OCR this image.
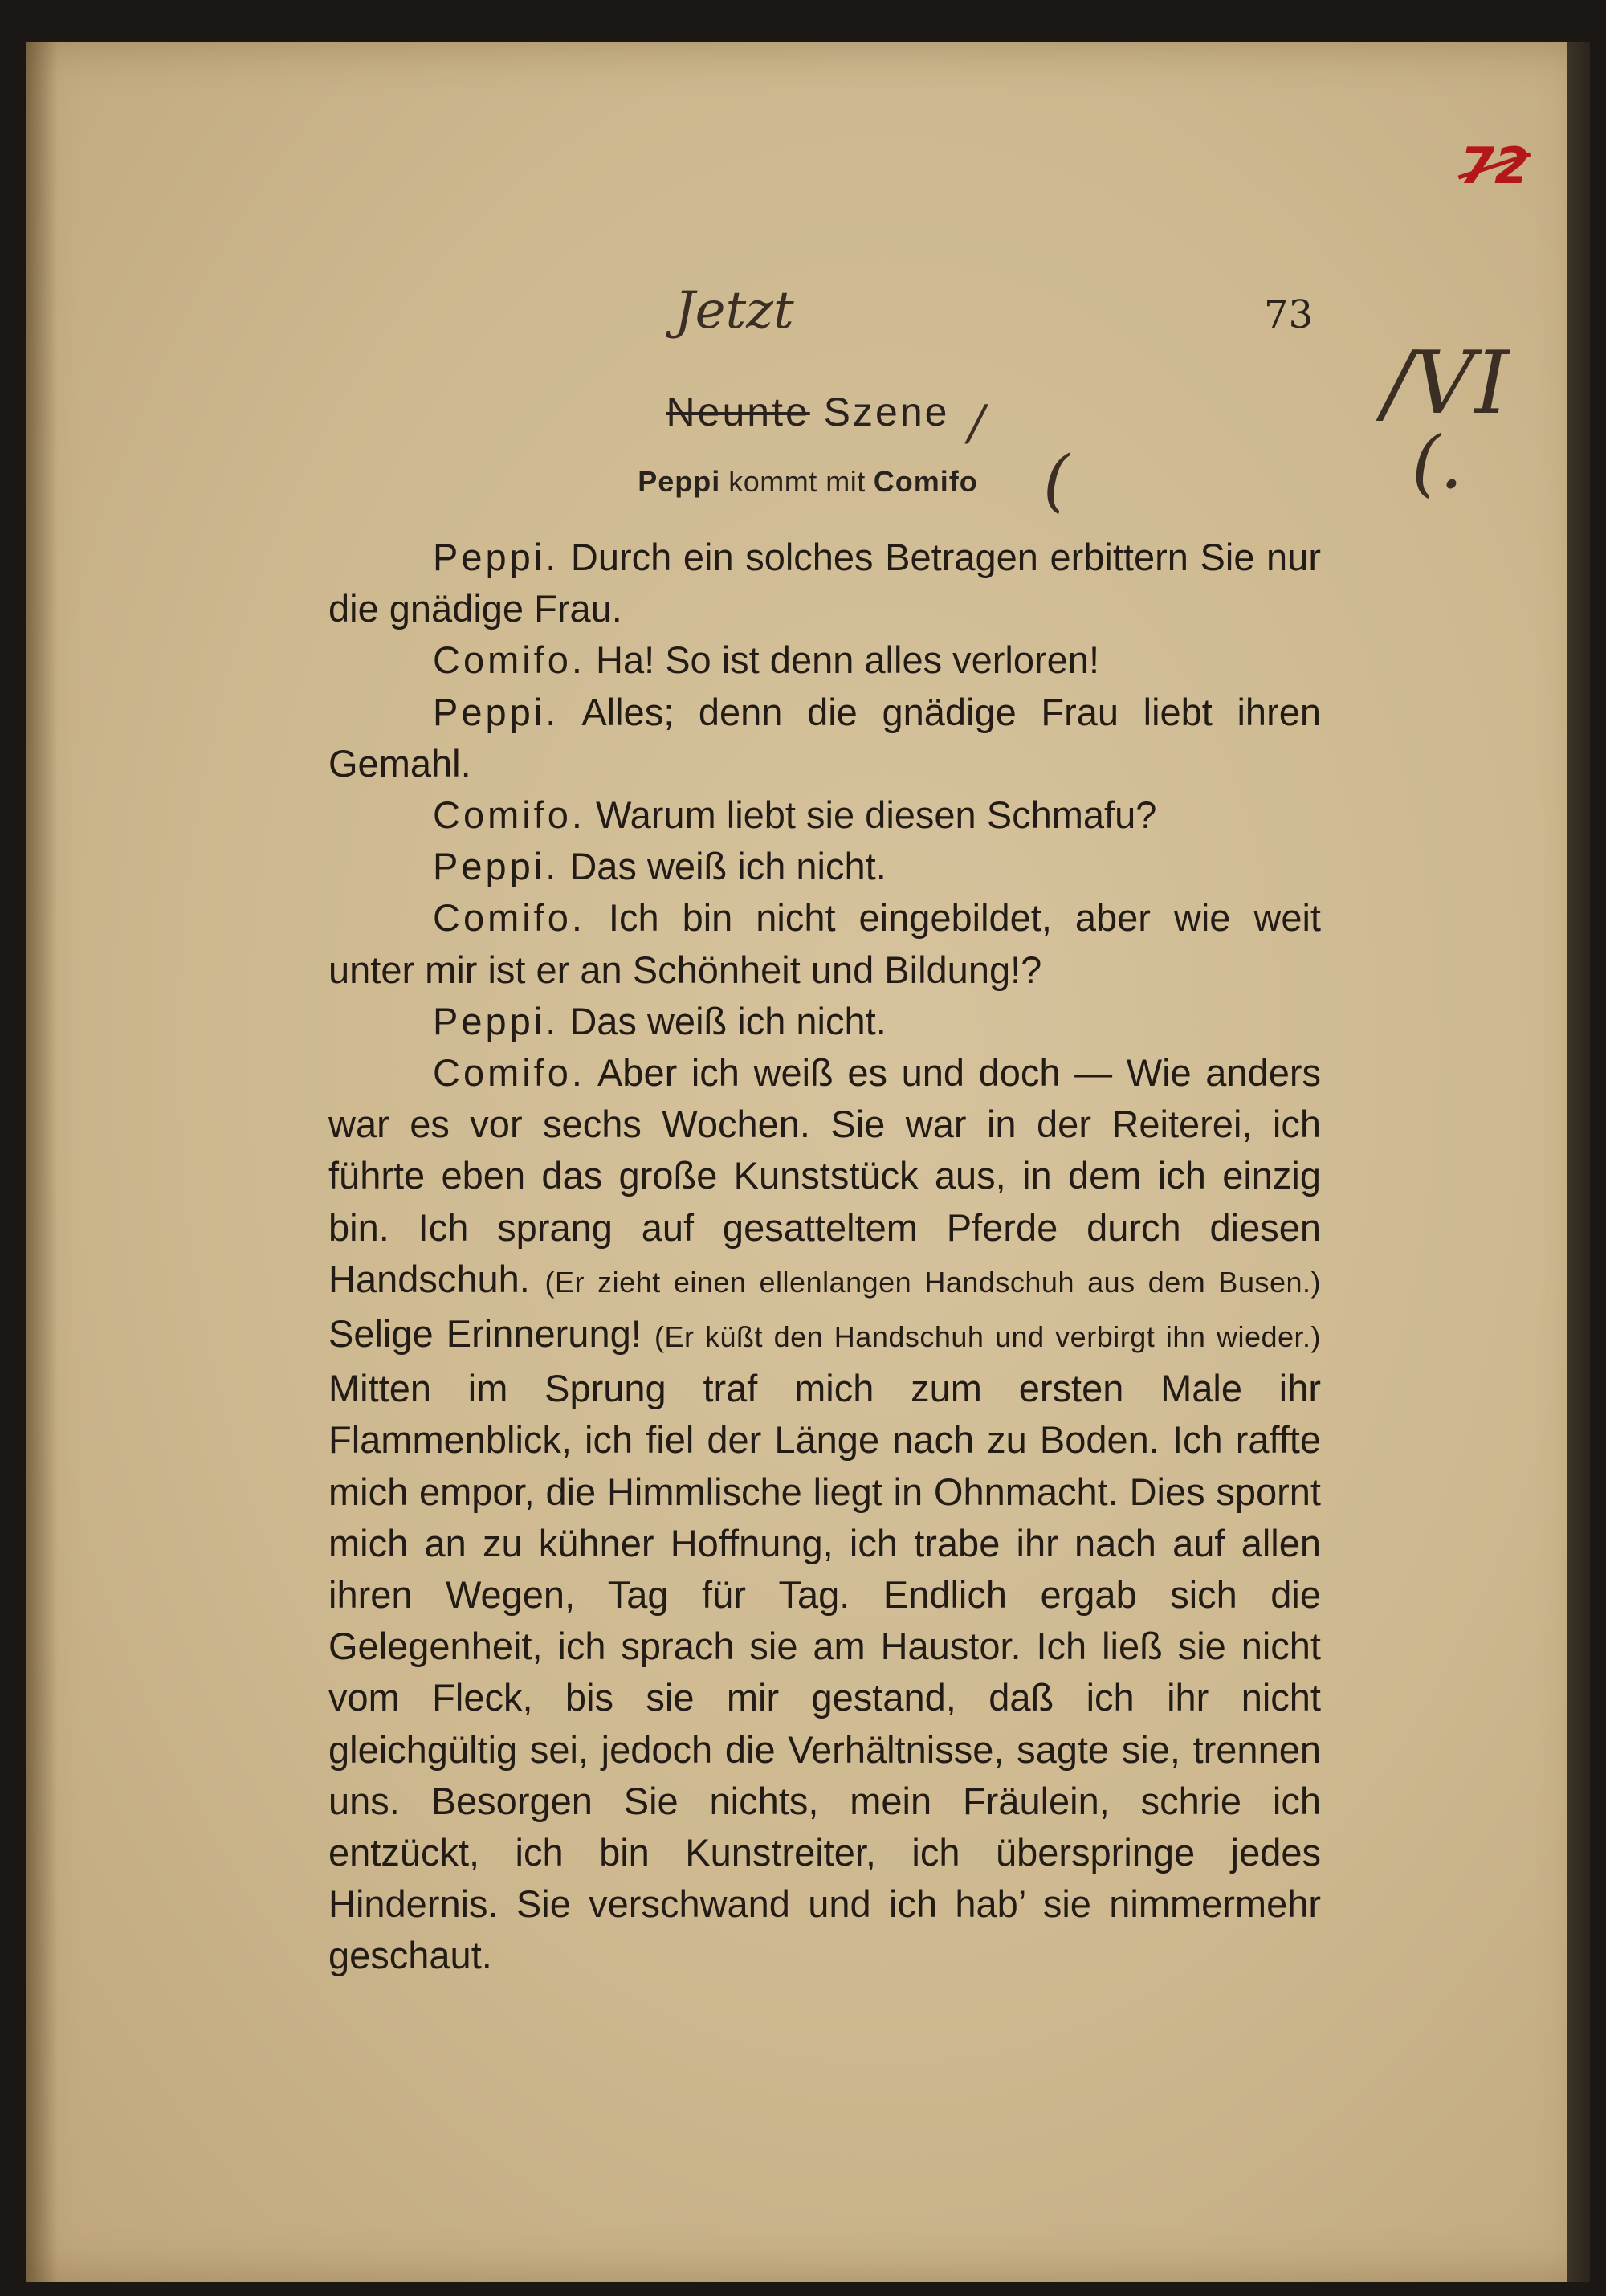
72
Jetzt
/VI
(.
/
(
73
Neunte Szene
Peppi kommt mit Comifo

Peppi. Durch ein solches Betragen erbittern Sie nur die gnädige Frau.

Comifo. Ha! So ist denn alles verloren!

Peppi. Alles; denn die gnädige Frau liebt ihren Gemahl.

Comifo. Warum liebt sie diesen Schmafu?

Peppi. Das weiß ich nicht.

Comifo. Ich bin nicht eingebildet, aber wie weit unter mir ist er an Schönheit und Bildung!?

Peppi. Das weiß ich nicht.

Comifo. Aber ich weiß es und doch — Wie anders war es vor sechs Wochen. Sie war in der Reiterei, ich führte eben das große Kunststück aus, in dem ich einzig bin. Ich sprang auf gesatteltem Pferde durch diesen Handschuh. (Er zieht einen ellenlangen Handschuh aus dem Busen.) Selige Erinnerung! (Er küßt den Handschuh und verbirgt ihn wieder.) Mitten im Sprung traf mich zum ersten Male ihr Flammenblick, ich fiel der Länge nach zu Boden. Ich raffte mich empor, die Himmlische liegt in Ohnmacht. Dies spornt mich an zu kühner Hoffnung, ich trabe ihr nach auf allen ihren Wegen, Tag für Tag. Endlich ergab sich die Gelegenheit, ich sprach sie am Haustor. Ich ließ sie nicht vom Fleck, bis sie mir gestand, daß ich ihr nicht gleichgültig sei, jedoch die Verhältnisse, sagte sie, trennen uns. Besorgen Sie nichts, mein Fräulein, schrie ich entzückt, ich bin Kunstreiter, ich überspringe jedes Hindernis. Sie verschwand und ich hab’ sie nimmermehr geschaut.
